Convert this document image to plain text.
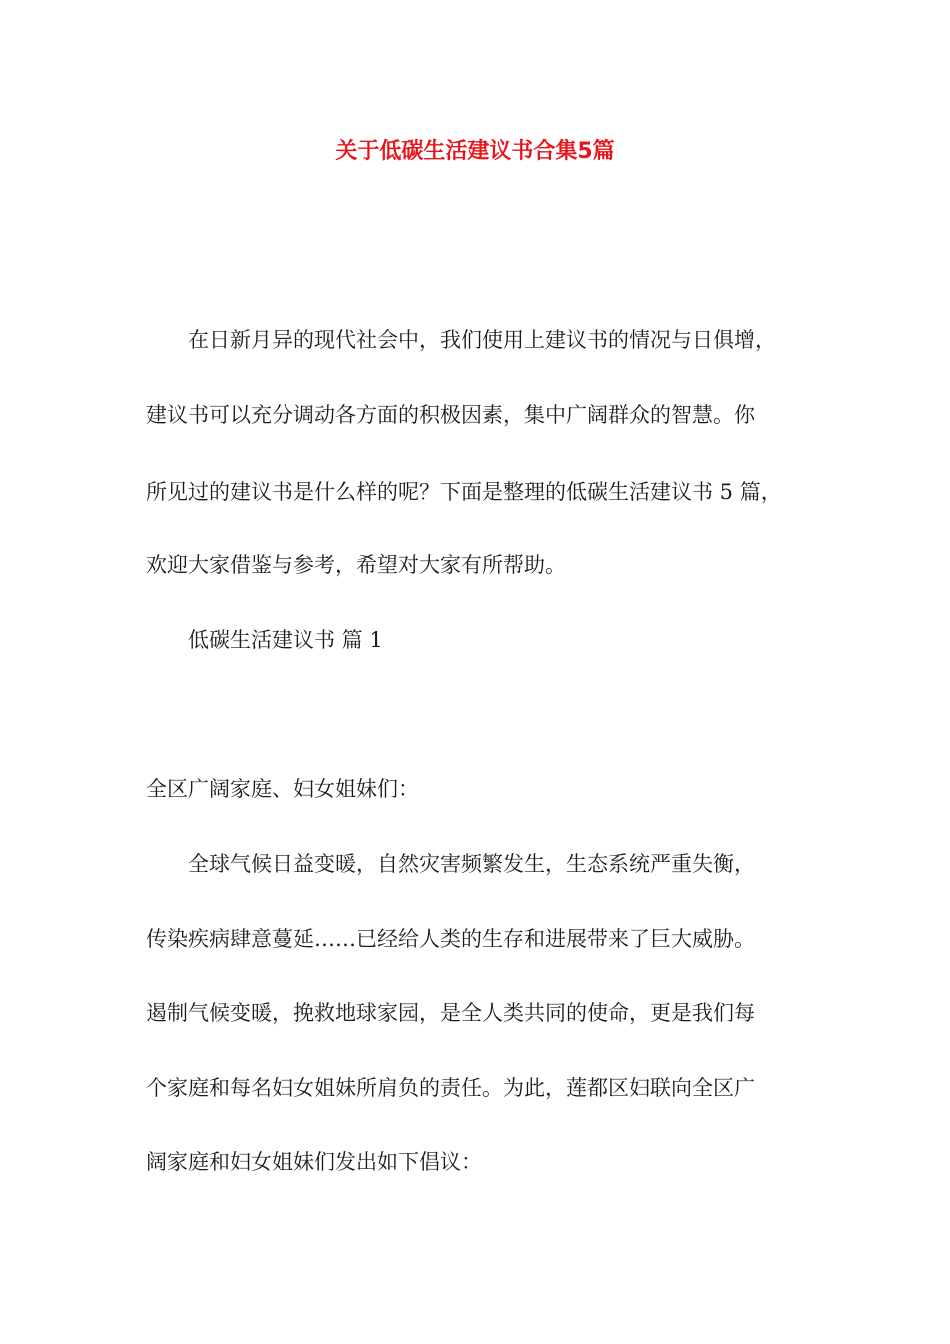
关于低碳生活建议书合集5篇
在日新月异的现代社会中，我们使用上建议书的情况与日俱增，
建议书可以充分调动各方面的积极因素，集中广阔群众的智慧。你
所见过的建议书是什么样的呢？下面是整理的低碳生活建议书 5 篇，
欢迎大家借鉴与参考，希望对大家有所帮助。
低碳生活建议书 篇 1
全区广阔家庭、妇女姐妹们：
全球气候日益变暖，自然灾害频繁发生，生态系统严重失衡，
传染疾病肆意蔓延……已经给人类的生存和进展带来了巨大威胁。
遏制气候变暖，挽救地球家园，是全人类共同的使命，更是我们每
个家庭和每名妇女姐妹所肩负的责任。为此，莲都区妇联向全区广
阔家庭和妇女姐妹们发出如下倡议：
